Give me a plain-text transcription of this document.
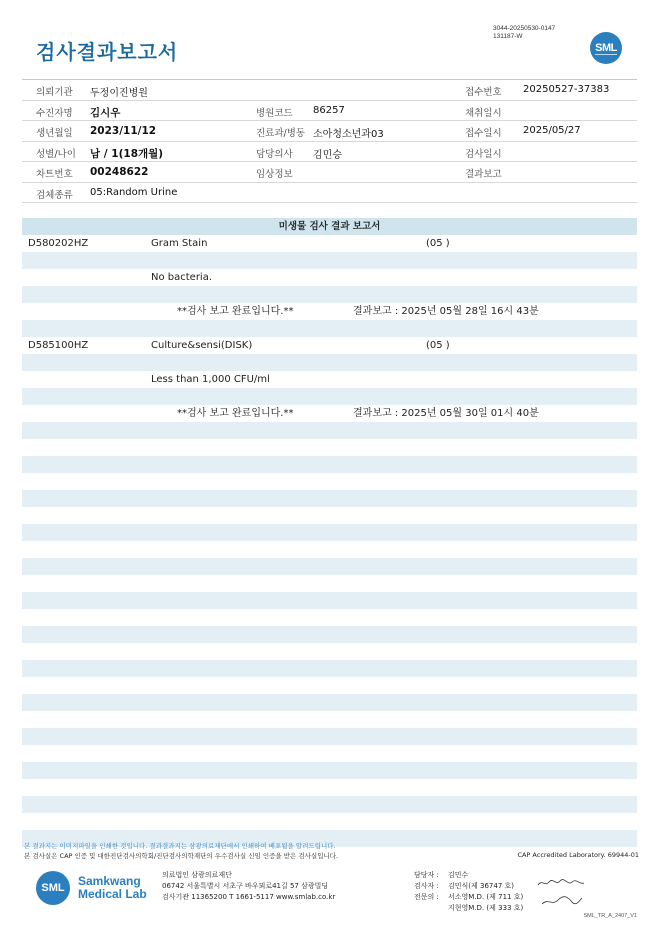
검사결과보고서
3044-20250530-0147
131187-W
SML
의뢰기관 두정이진병원	접수번호 20250527-37383
수진자명 김시우	병원코드 86257	채취일시
생년월일 2023/11/12	진료과/병동 소아청소년과03	접수일시 2025/05/27
성별/나이 남 / 1(18개월)	담당의사 김민승	검사일시
차트번호 00248622	임상정보	결과보고
검체종류 05:Random Urine
미생물 검사 결과 보고서
D580202HZ	Gram Stain	(05 )
No bacteria.
**검사 보고 완료입니다.**	결과보고 : 2025년 05월 28일 16시 43분
D585100HZ	Culture&sensi(DISK)	(05 )
Less than 1,000 CFU/ml
**검사 보고 완료입니다.**	결과보고 : 2025년 05월 30일 01시 40분
본 결과지는 이미지파일을 인쇄한 것입니다. 결과결과지는 삼광의료재단에서 인쇄하여 배포됨을 알려드립니다.
본 검사실은 CAP 인증 및 대한진단검사의학회/진단검사의학재단의 우수검사실 신임 인증을 받은 검사실입니다.	CAP Accredited Laboratory. 69944-01
SML	Samkwang
Medical Lab
의료법인 삼광의료재단
06742 서울특별시 서초구 바우뫼로41길 57 삼광빌딩
검사기관 11365200 T 1661-5117 www.smlab.co.kr
담당자 : 김민수
검사자 : 김민식(제 36747 호)
전문의 : 서소영M.D. (제 711 호)
지현영M.D. (제 333 호)
SML_TR_A_2407_V1
